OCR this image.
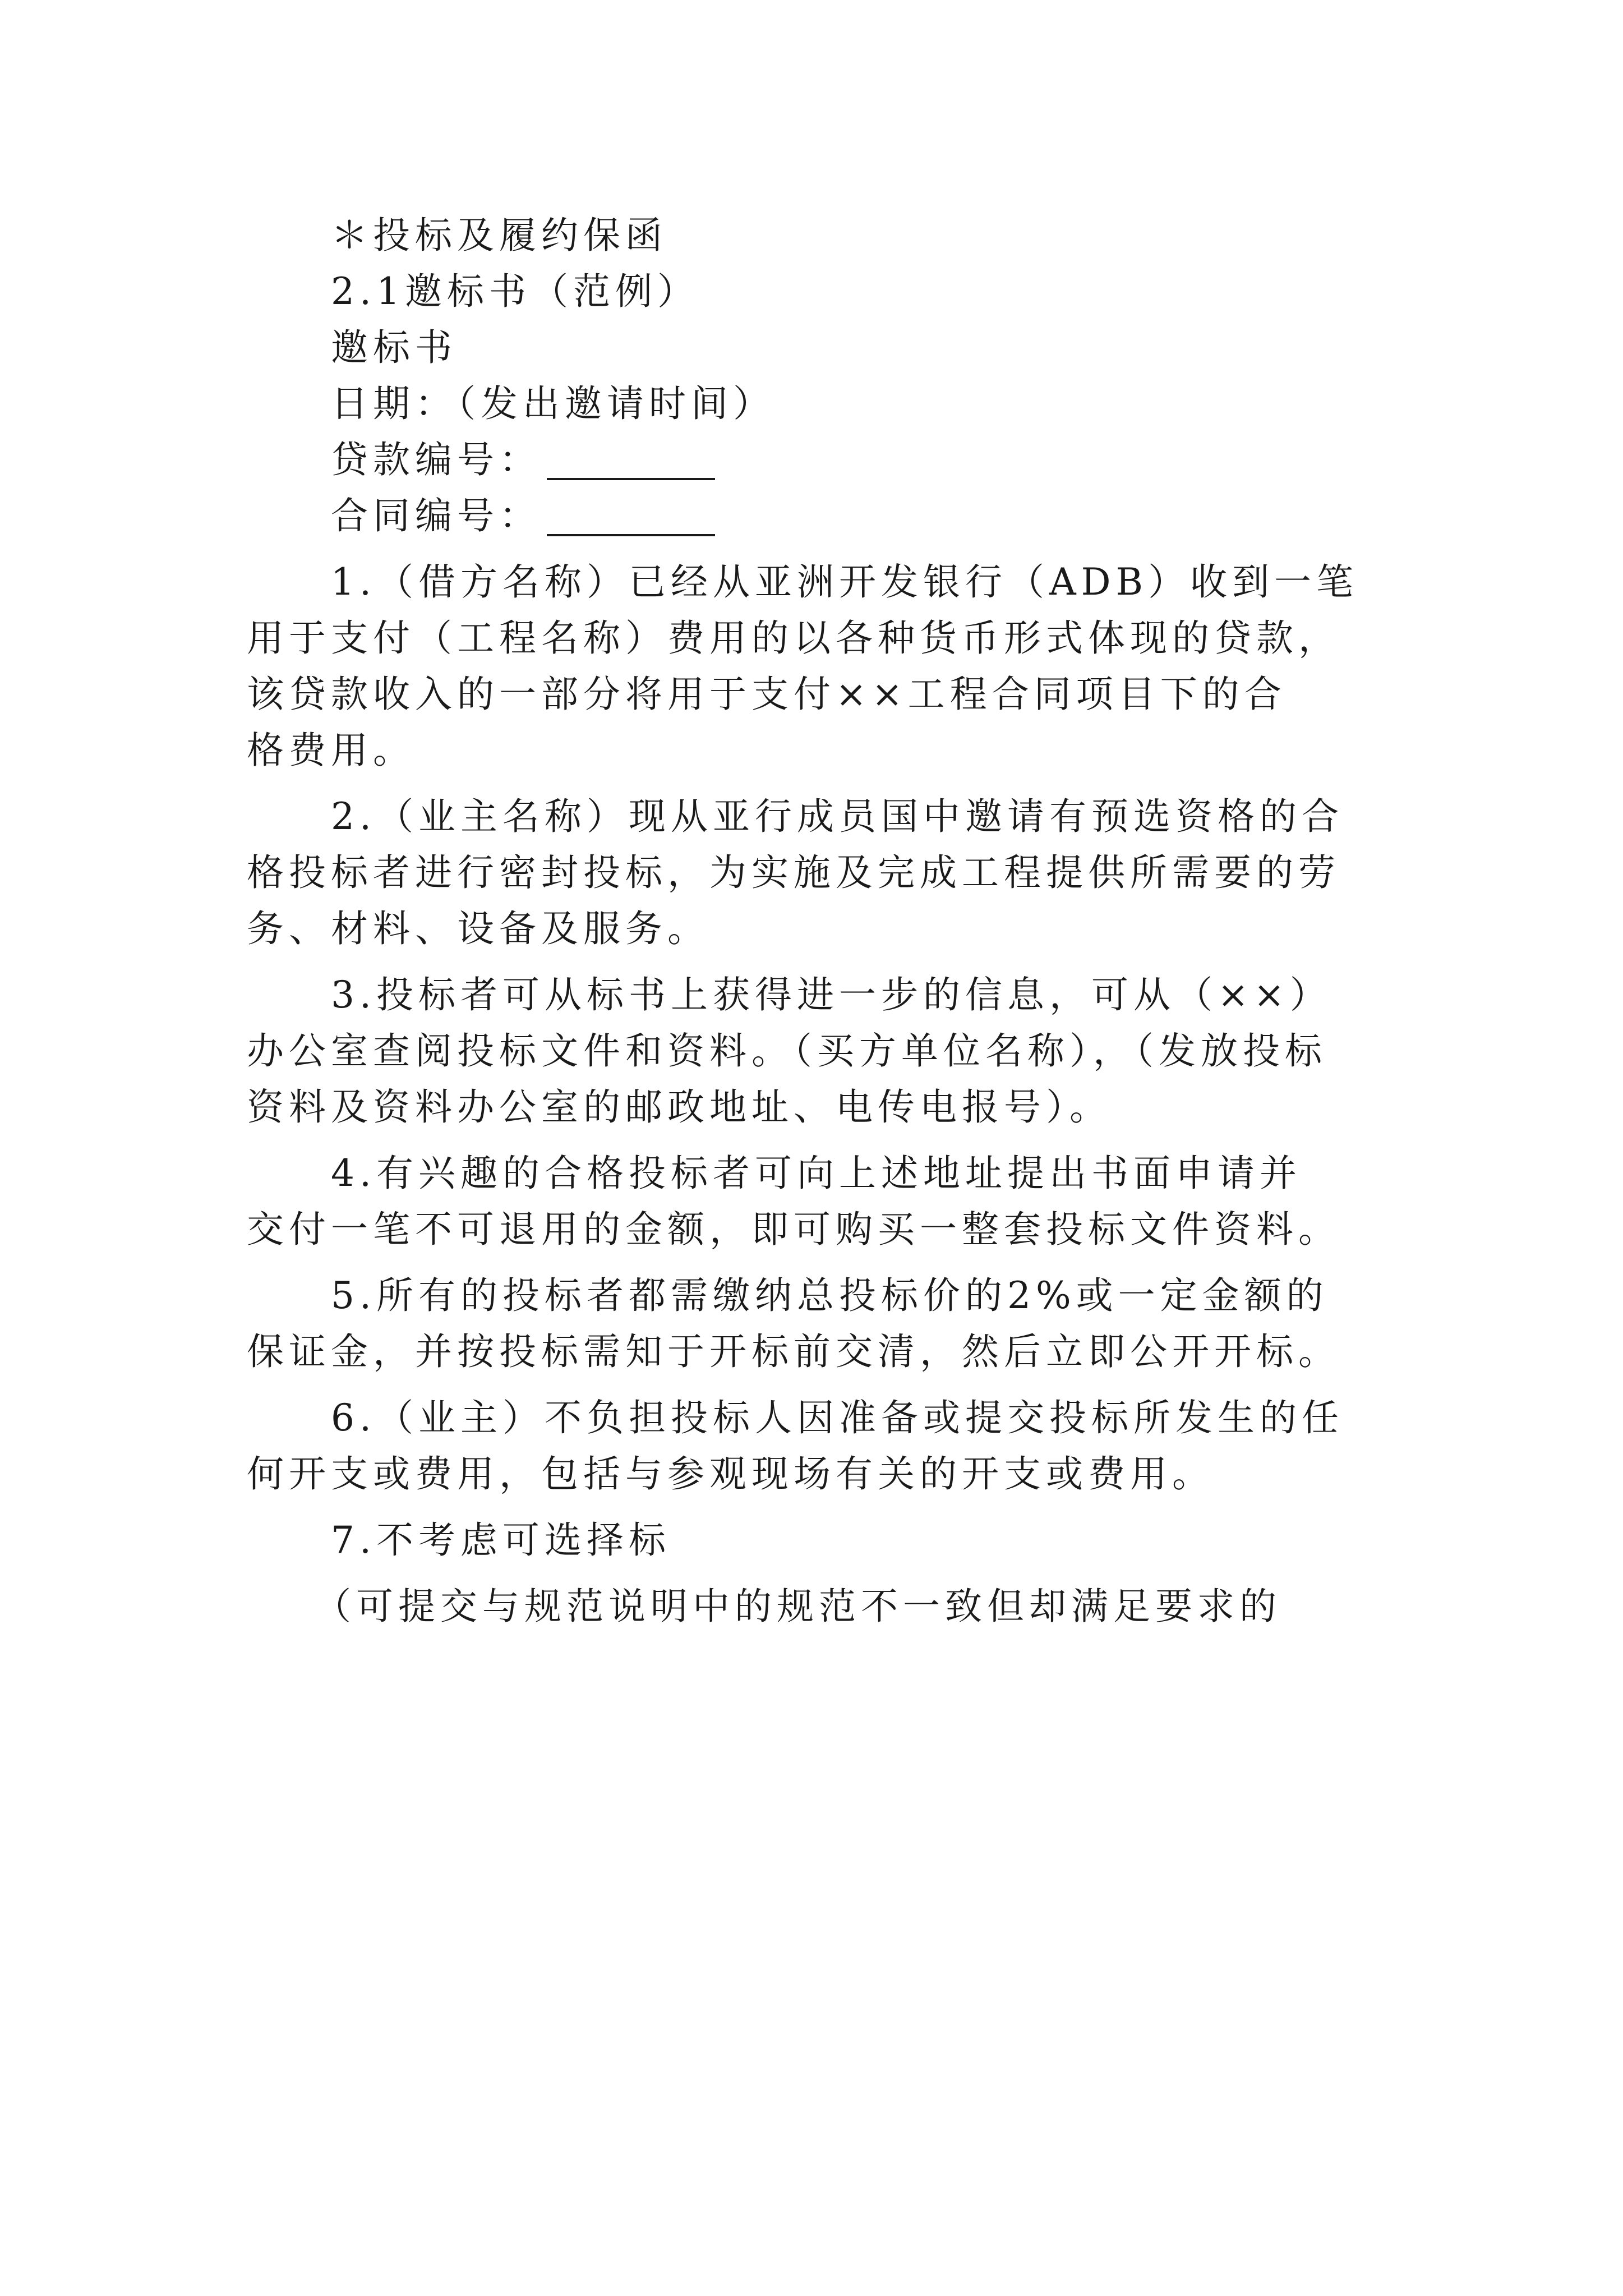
＊投标及履约保函
2.1邀标书（范例）
邀标书
日期：（发出邀请时间）
贷款编号：
合同编号：
1.（借方名称）已经从亚洲开发银行（ADB）收到一笔
用于支付（工程名称）费用的以各种货币形式体现的贷款，
该贷款收入的一部分将用于支付××工程合同项目下的合
格费用。
2.（业主名称）现从亚行成员国中邀请有预选资格的合
格投标者进行密封投标，为实施及完成工程提供所需要的劳
务、材料、设备及服务。
3.投标者可从标书上获得进一步的信息，可从（××）
办公室查阅投标文件和资料。（买方单位名称），（发放投标
资料及资料办公室的邮政地址、电传电报号）。
4.有兴趣的合格投标者可向上述地址提出书面申请并
交付一笔不可退用的金额，即可购买一整套投标文件资料。
5.所有的投标者都需缴纳总投标价的2%或一定金额的
保证金，并按投标需知于开标前交清，然后立即公开开标。
6.（业主）不负担投标人因准备或提交投标所发生的任
何开支或费用，包括与参观现场有关的开支或费用。
7.不考虑可选择标
（可提交与规范说明中的规范不一致但却满足要求的
